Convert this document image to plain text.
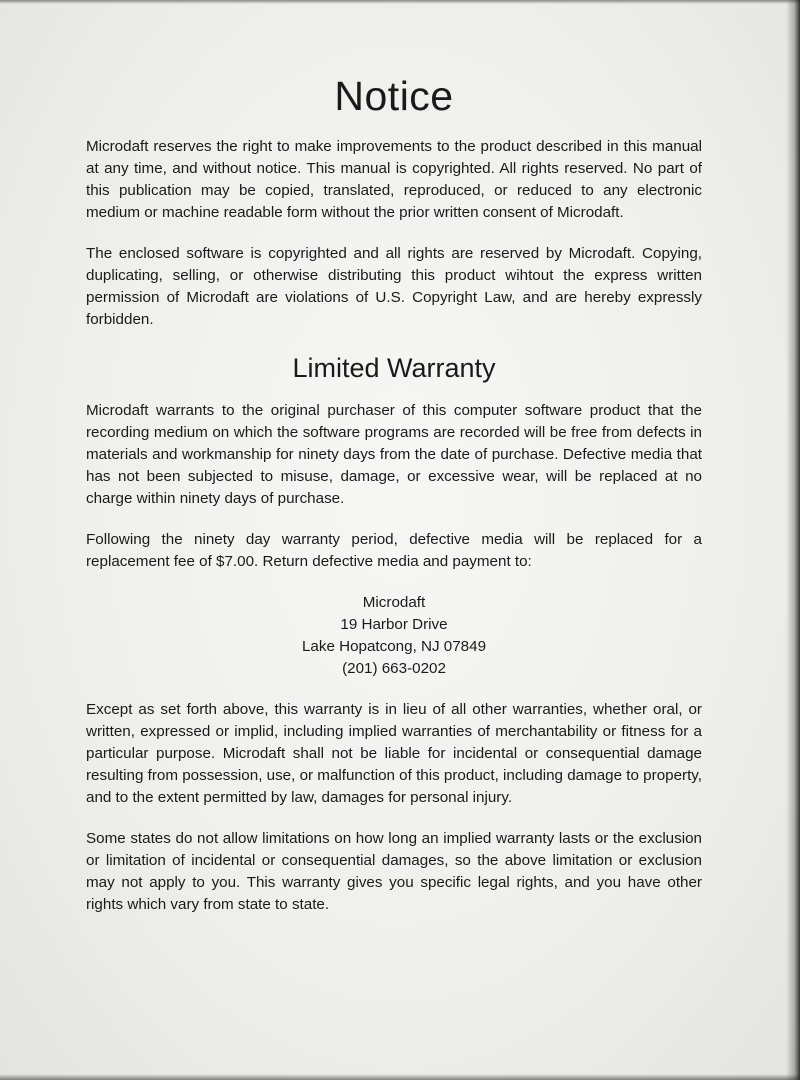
Notice

Microdaft reserves the right to make improvements to the product described in this manual at any time, and without notice. This manual is copyrighted. All rights reserved. No part of this publication may be copied, translated, reproduced, or reduced to any electronic medium or machine readable form without the prior written consent of Microdaft.

The enclosed software is copyrighted and all rights are reserved by Microdaft. Copying, duplicating, selling, or otherwise distributing this product wihtout the express written permission of Microdaft are violations of U.S. Copyright Law, and are hereby expressly forbidden.

Limited Warranty

Microdaft warrants to the original purchaser of this computer software product that the recording medium on which the software programs are recorded will be free from defects in materials and workmanship for ninety days from the date of purchase. Defective media that has not been subjected to misuse, damage, or excessive wear, will be replaced at no charge within ninety days of purchase.

Following the ninety day warranty period, defective media will be replaced for a replacement fee of $7.00. Return defective media and payment to:

Microdaft
19 Harbor Drive
Lake Hopatcong, NJ 07849
(201) 663-0202

Except as set forth above, this warranty is in lieu of all other warranties, whether oral, or written, expressed or implid, including implied warranties of merchantability or fitness for a particular purpose. Microdaft shall not be liable for incidental or consequential damage resulting from possession, use, or malfunction of this product, including damage to property, and to the extent permitted by law, damages for personal injury.

Some states do not allow limitations on how long an implied warranty lasts or the exclusion or limitation of incidental or consequential damages, so the above limitation or exclusion may not apply to you. This warranty gives you specific legal rights, and you have other rights which vary from state to state.
